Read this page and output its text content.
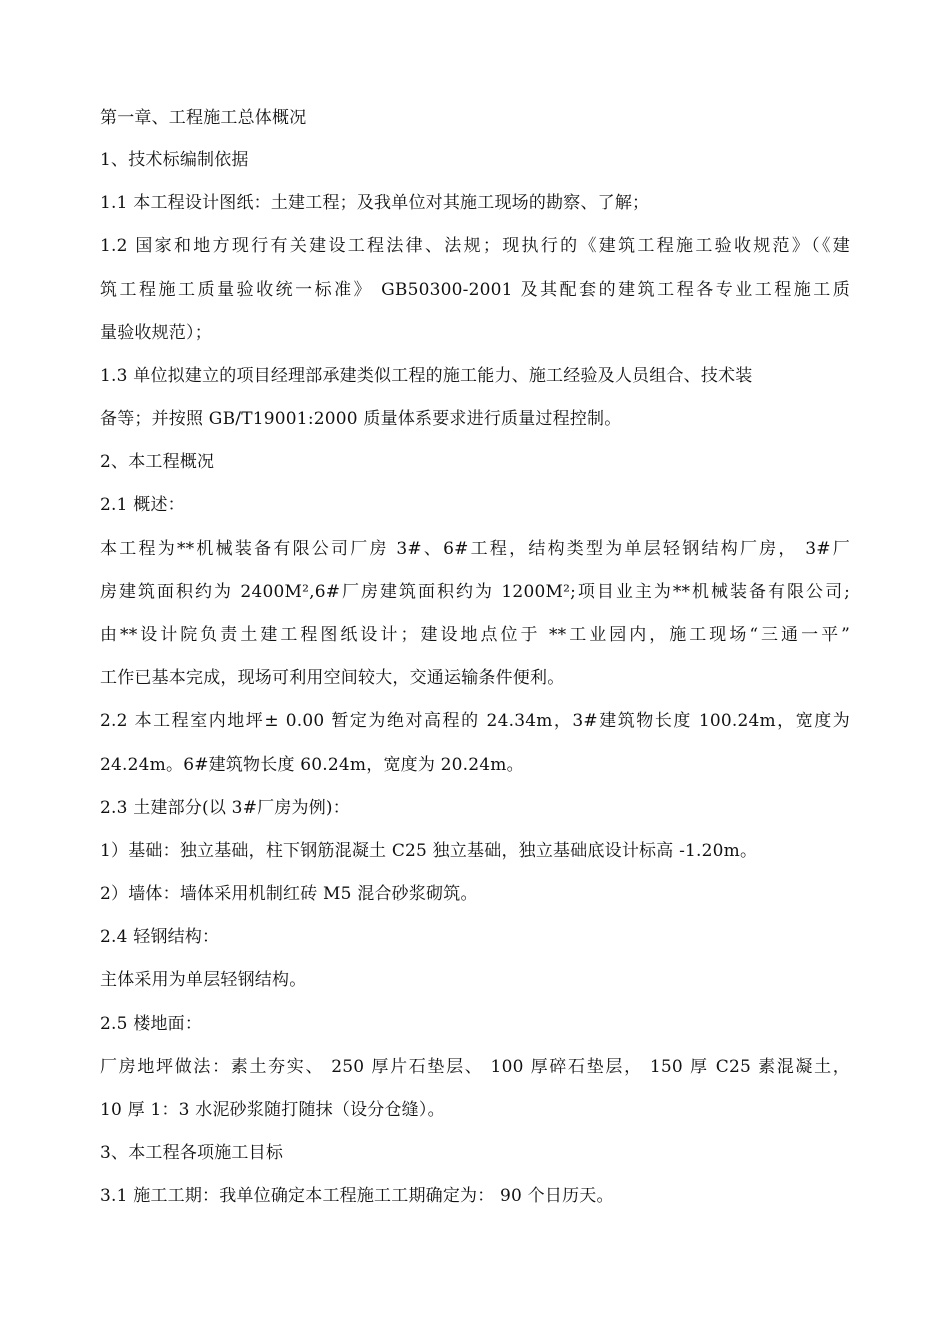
第一章、工程施工总体概况
1、技术标编制依据
1.1 本工程设计图纸：土建工程；及我单位对其施工现场的勘察、了解；
1.2 国家和地方现行有关建设工程法律、法规；现执行的《建筑工程施工验收规范》（《建
筑工程施工质量验收统一标准》 GB50300-2001 及其配套的建筑工程各专业工程施工质
量验收规范）；
1.3 单位拟建立的项目经理部承建类似工程的施工能力、施工经验及人员组合、技术装
备等；并按照 GB/T19001:2000 质量体系要求进行质量过程控制。
2、本工程概况
2.1 概述：
本工程为**机械装备有限公司厂房 3#、6#工程，结构类型为单层轻钢结构厂房， 3#厂
房建筑面积约为 2400M²,6#厂房建筑面积约为 1200M²;项目业主为**机械装备有限公司;
由**设计院负责土建工程图纸设计；建设地点位于 **工业园内，施工现场“三通一平”
工作已基本完成，现场可利用空间较大，交通运输条件便利。
2.2 本工程室内地坪± 0.00 暂定为绝对高程的 24.34m，3#建筑物长度 100.24m，宽度为
24.24m。6#建筑物长度 60.24m，宽度为 20.24m。
2.3 土建部分(以 3#厂房为例)：
1）基础：独立基础，柱下钢筋混凝土 C25 独立基础，独立基础底设计标高 -1.20m。
2）墙体：墙体采用机制红砖 M5 混合砂浆砌筑。
2.4 轻钢结构：
主体采用为单层轻钢结构。
2.5 楼地面：
厂房地坪做法：素土夯实、 250 厚片石垫层、 100 厚碎石垫层， 150 厚 C25 素混凝土，
10 厚 1：3 水泥砂浆随打随抹（设分仓缝）。
3、本工程各项施工目标
3.1 施工工期：我单位确定本工程施工工期确定为： 90 个日历天。
